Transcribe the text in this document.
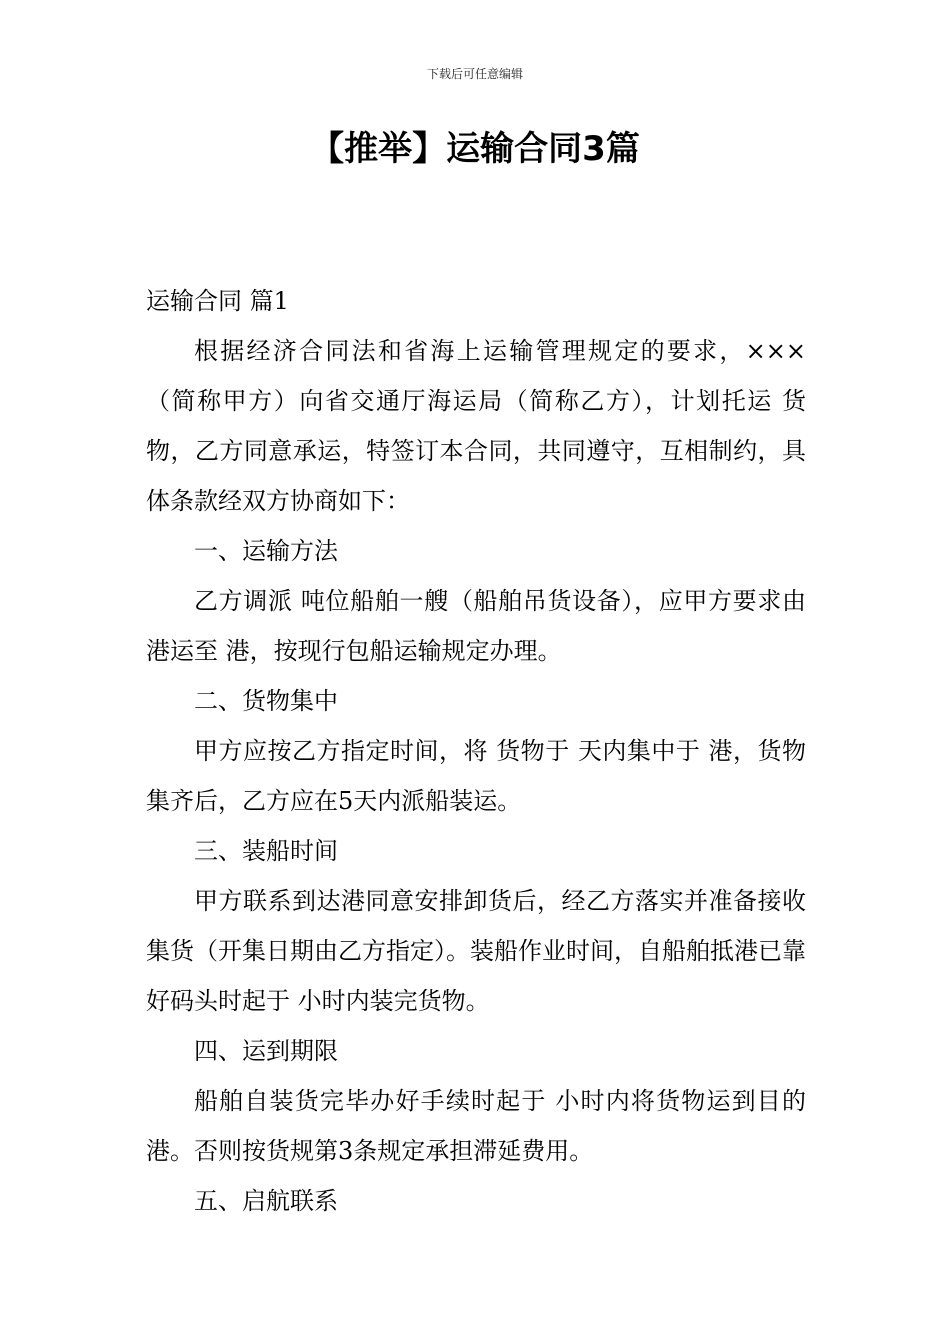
下载后可任意编辑
【推举】运输合同3篇

运输合同 篇1

根据经济合同法和省海上运输管理规定的要求，×××（简称甲方）向省交通厅海运局（简称乙方），计划托运 货物，乙方同意承运，特签订本合同，共同遵守，互相制约，具体条款经双方协商如下：

一、运输方法

乙方调派 吨位船舶一艘（船舶吊货设备），应甲方要求由 港运至 港，按现行包船运输规定办理。

二、货物集中

甲方应按乙方指定时间，将 货物于 天内集中于 港，货物集齐后，乙方应在5天内派船装运。

三、装船时间

甲方联系到达港同意安排卸货后，经乙方落实并准备接收集货（开集日期由乙方指定）。装船作业时间，自船舶抵港已靠好码头时起于 小时内装完货物。

四、运到期限

船舶自装货完毕办好手续时起于 小时内将货物运到目的港。否则按货规第3条规定承担滞延费用。

五、启航联系
